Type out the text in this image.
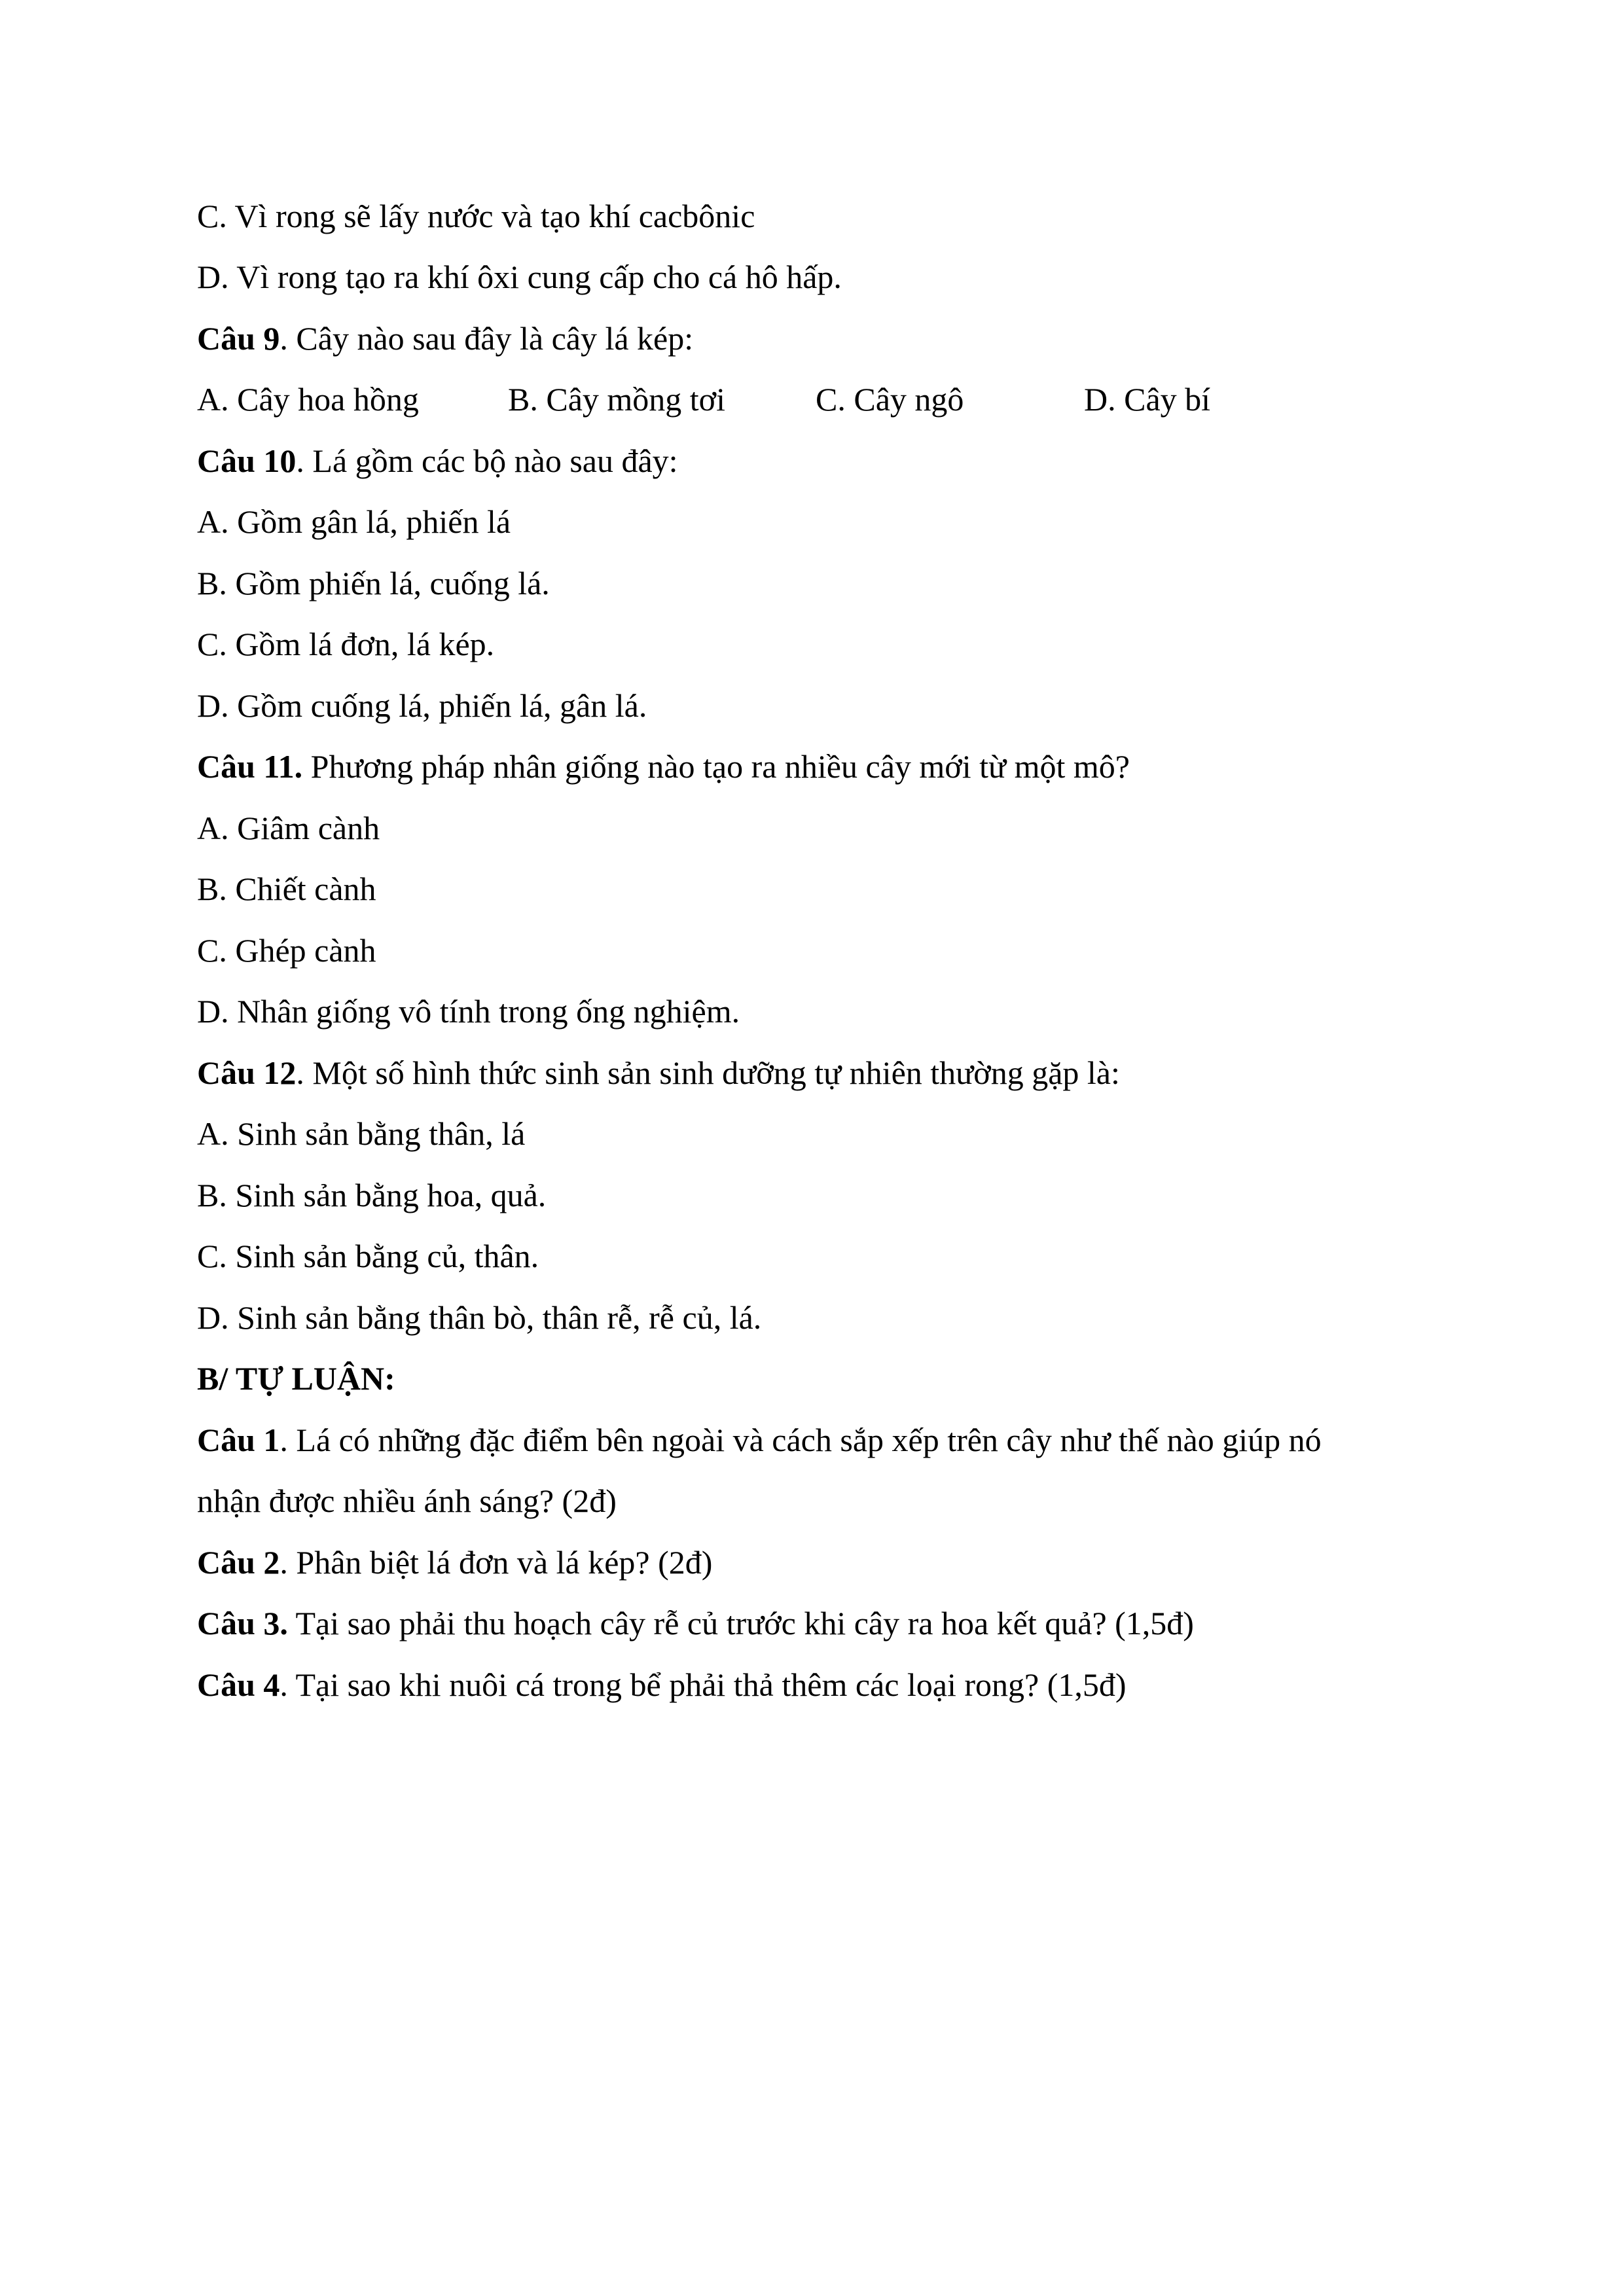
C. Vì rong sẽ lấy nước và tạo khí cacbônic
D. Vì rong tạo ra khí ôxi cung cấp cho cá hô hấp.
Câu 9. Cây nào sau đây là cây lá kép:
A. Cây hoa hồng	B. Cây mồng tơi	C. Cây ngô	D. Cây bí
Câu 10. Lá gồm các bộ nào sau đây:
A. Gồm gân lá, phiến lá
B. Gồm phiến lá, cuống lá.
C. Gồm lá đơn, lá kép.
D. Gồm cuống lá, phiến lá, gân lá.
Câu 11. Phương pháp nhân giống nào tạo ra nhiều cây mới từ một mô?
A. Giâm cành
B. Chiết cành
C. Ghép cành
D. Nhân giống vô tính trong ống nghiệm.
Câu 12. Một số hình thức sinh sản sinh dưỡng tự nhiên thường gặp là:
A. Sinh sản bằng thân, lá
B. Sinh sản bằng hoa, quả.
C. Sinh sản bằng củ, thân.
D. Sinh sản bằng thân bò, thân rễ, rễ củ, lá.
B/ TỰ LUẬN:
Câu 1. Lá có những đặc điểm bên ngoài và cách sắp xếp trên cây như thế nào giúp nó
nhận được nhiều ánh sáng? (2đ)
Câu 2. Phân biệt lá đơn và lá kép? (2đ)
Câu 3. Tại sao phải thu hoạch cây rễ củ trước khi cây ra hoa kết quả? (1,5đ)
Câu 4. Tại sao khi nuôi cá trong bể phải thả thêm các loại rong? (1,5đ)
